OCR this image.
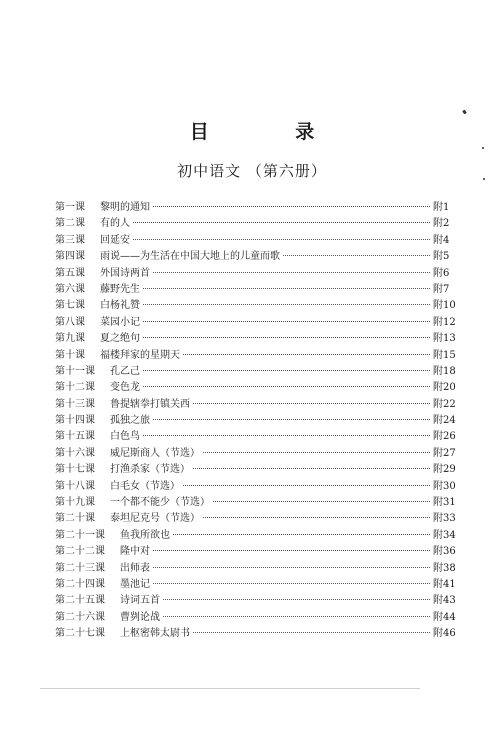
目 录
初中语文 （第六册）
第一课	黎明的通知	附1
第二课	有的人	附2
第三课	回延安	附4
第四课	雨说——为生活在中国大地上的儿童而歌	附5
第五课	外国诗两首	附6
第六课	藤野先生	附7
第七课	白杨礼赞	附10
第八课	菜园小记	附12
第九课	夏之绝句	附13
第十课	福楼拜家的星期天	附15
第十一课	孔乙己	附18
第十二课	变色龙	附20
第十三课	鲁提辖拳打镇关西	附22
第十四课	孤独之旅	附24
第十五课	白色鸟	附26
第十六课	威尼斯商人（节选）	附27
第十七课	打渔杀家（节选）	附29
第十八课	白毛女（节选）	附30
第十九课	一个都不能少（节选）	附31
第二十课	泰坦尼克号（节选）	附33
第二十一课	鱼我所欲也	附34
第二十二课	隆中对	附36
第二十三课	出师表	附38
第二十四课	墨池记	附41
第二十五课	诗词五首	附43
第二十六课	曹刿论战	附44
第二十七课	上枢密韩太尉书	附46
